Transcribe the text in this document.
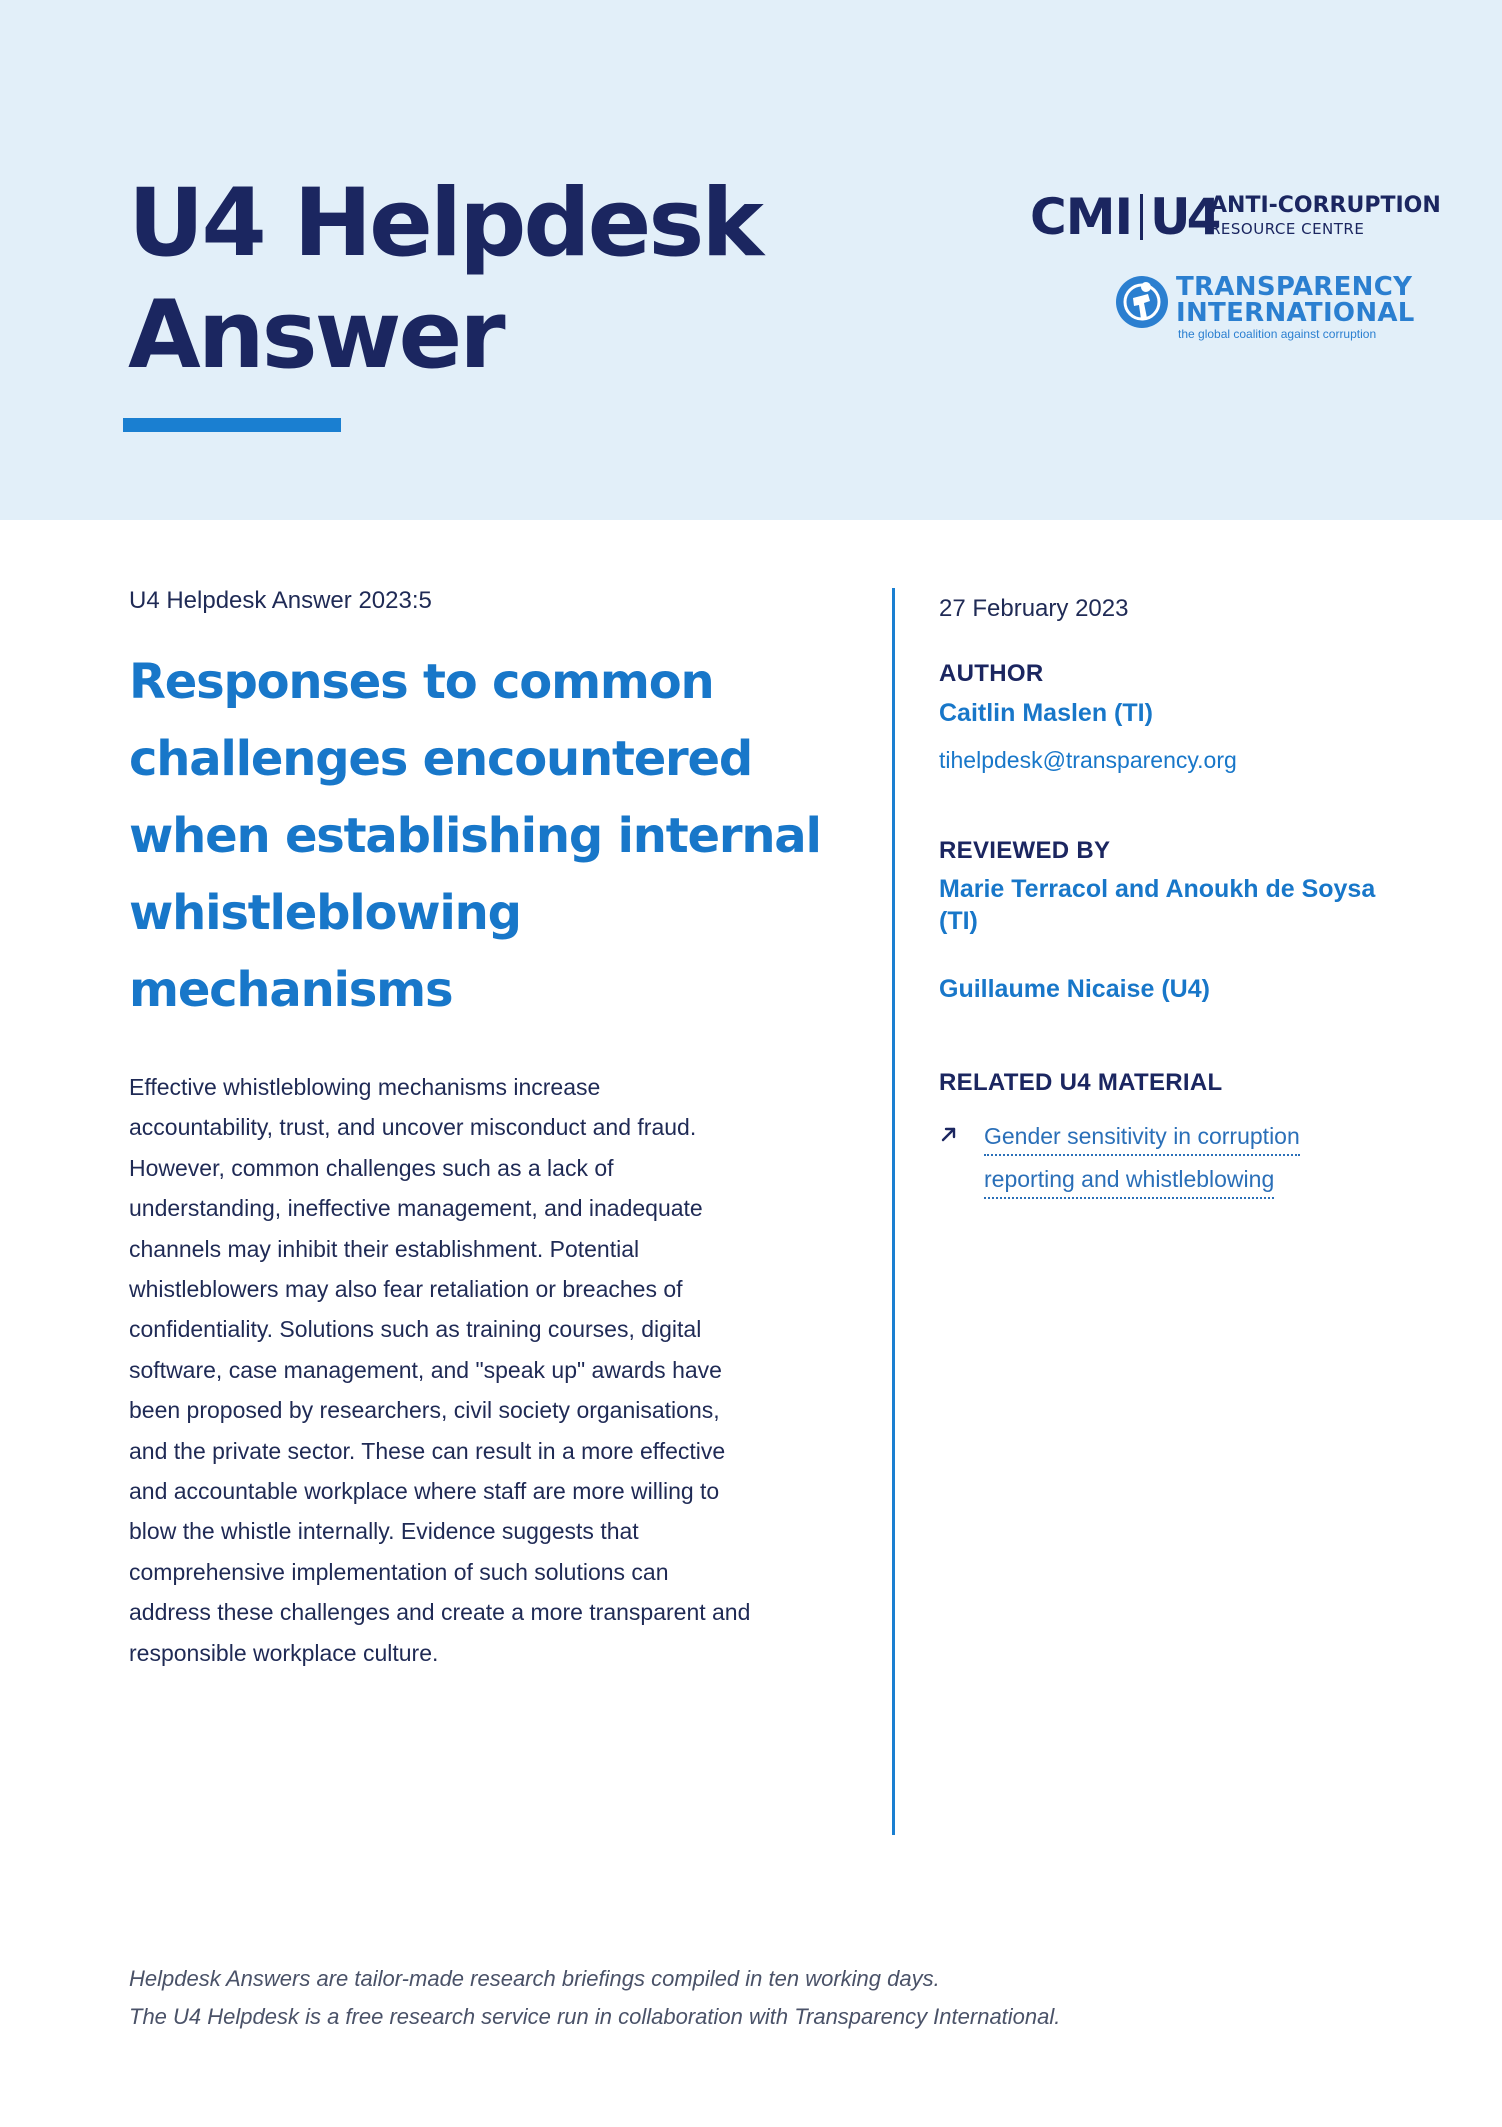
U4 Helpdesk
Answer
CMI U4
ANTI-CORRUPTION
RESOURCE CENTRE
TRANSPARENCY
INTERNATIONAL
the global coalition against corruption
U4 Helpdesk Answer 2023:5
Responses to common
challenges encountered
when establishing internal
whistleblowing
mechanisms

Effective whistleblowing mechanisms increase
accountability, trust, and uncover misconduct and fraud.
However, common challenges such as a lack of
understanding, ineffective management, and inadequate
channels may inhibit their establishment. Potential
whistleblowers may also fear retaliation or breaches of
confidentiality. Solutions such as training courses, digital
software, case management, and "speak up" awards have
been proposed by researchers, civil society organisations,
and the private sector. These can result in a more effective
and accountable workplace where staff are more willing to
blow the whistle internally. Evidence suggests that
comprehensive implementation of such solutions can
address these challenges and create a more transparent and
responsible workplace culture.

27 February 2023
AUTHOR
Caitlin Maslen (TI)
tihelpdesk@transparency.org
REVIEWED BY
Marie Terracol and Anoukh de Soysa
(TI)
Guillaume Nicaise (U4)
RELATED U4 MATERIAL
Gender sensitivity in corruption
reporting and whistleblowing
Helpdesk Answers are tailor-made research briefings compiled in ten working days.
The U4 Helpdesk is a free research service run in collaboration with Transparency International.
